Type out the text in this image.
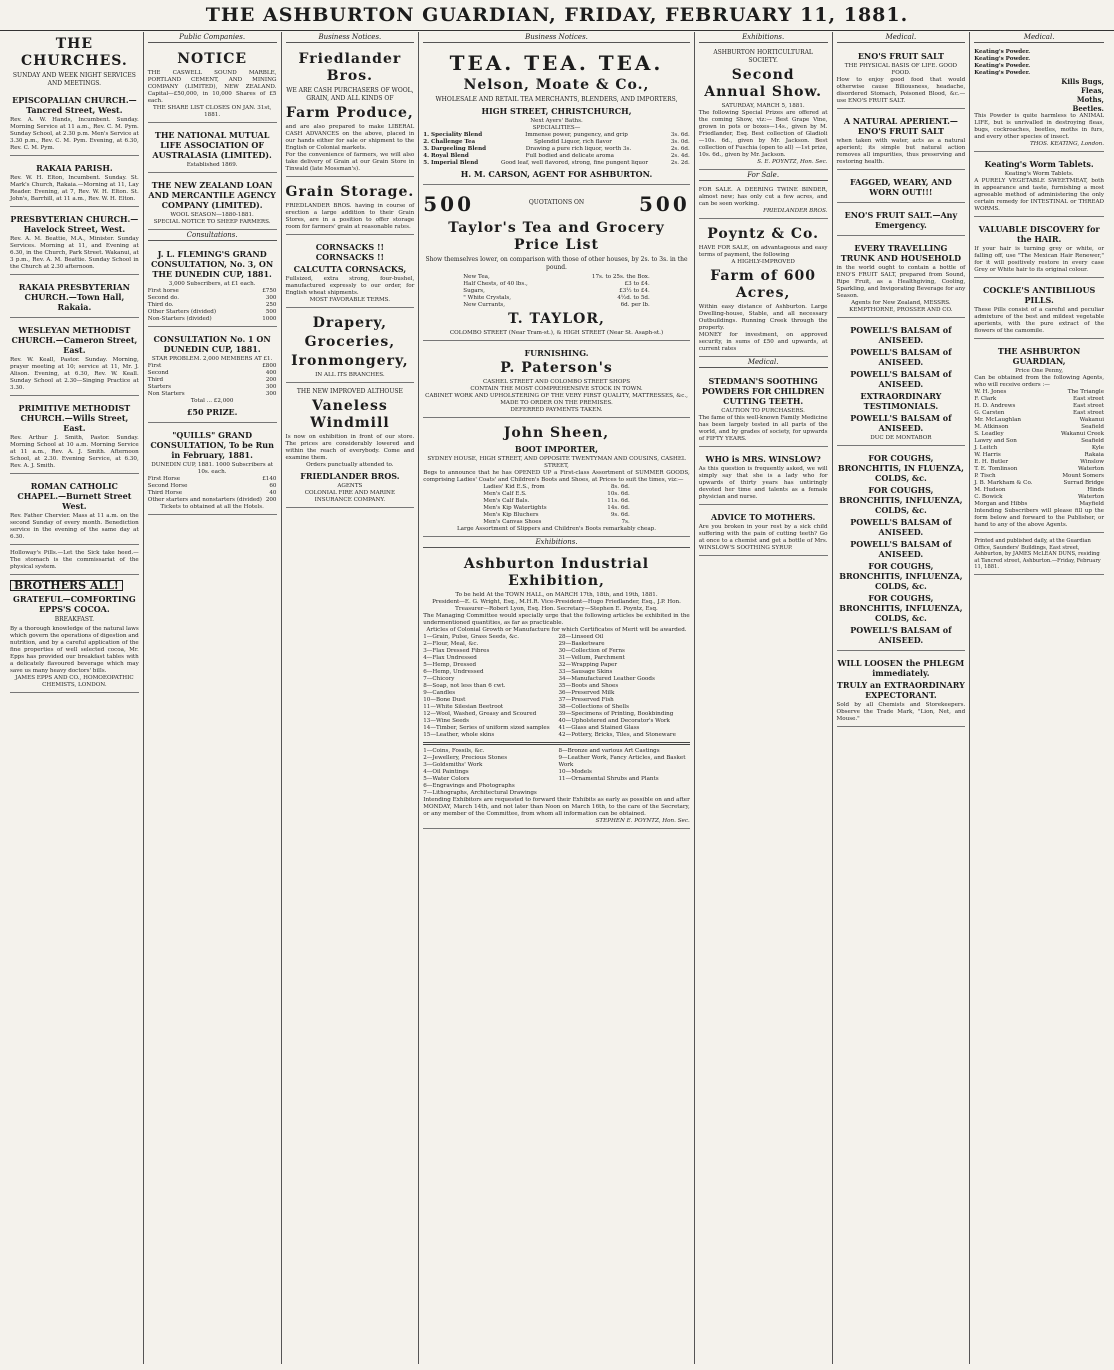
THE ASHBURTON GUARDIAN, FRIDAY, FEBRUARY 11, 1881.
THE CHURCHES.
SUNDAY AND WEEK NIGHT SERVICES AND MEETINGS.
EPISCOPALIAN CHURCH.—Tancred Street, West.
Rev. A. W. Hands, Incumbent. Sunday. Morning Service at 11 a.m., Rev. C. M. Pym. Sunday School, at 2.30 p.m. Men's Service at 3.30 p.m., Rev. C. M. Pym. Evening, at 6.30, Rev. C. M. Pym.
RAKAIA PARISH.
Rev. W. H. Elton, Incumbent. Sunday. St. Mark's Church, Rakaia.—Morning at 11, Lay Reader. Evening, at 7, Rev. W. H. Elton. St. John's, Barrhill, at 11 a.m., Rev. W. H. Elton.
PRESBYTERIAN CHURCH.—Havelock Street, West.
Rev. A. M. Beattie, M.A., Minister. Sunday Services. Morning at 11, and Evening at 6.30, in the Church, Park Street. Wakanui, at 3 p.m., Rev. A. M. Beattie. Sunday School in the Church at 2.30 afternoon.
RAKAIA PRESBYTERIAN CHURCH.—Town Hall, Rakaia.
WESLEYAN METHODIST CHURCH.—Cameron Street, East.
Rev. W. Keall, Pastor. Sunday. Morning, prayer meeting at 10; service at 11, Mr. J. Alison. Evening, at 6.30, Rev. W. Keall. Sunday School at 2.30—Singing Practice at 3.30.
PRIMITIVE METHODIST CHURCH.—Wills Street, East.
Rev. Arthur J. Smith, Pastor. Sunday. Morning School at 10 a.m. Morning Service at 11 a.m., Rev. A. J. Smith. Afternoon School, at 2.30. Evening Service, at 6.30, Rev. A. J. Smith.
ROMAN CATHOLIC CHAPEL.—Burnett Street West.
Rev. Father Chervier. Mass at 11 a.m. on the second Sunday of every month. Benediction service in the evening of the same day at 6.30.
Holloway's Pills.—Let the Sick take heed.—The stomach is the commissariat of the physical system.
BROTHERS ALL!
GRATEFUL—COMFORTING EPPS'S COCOA.
BREAKFAST.
By a thorough knowledge of the natural laws which govern the operations of digestion and nutrition, and by a careful application of the fine properties of well selected cocoa, Mr. Epps has provided our breakfast tables with a delicately flavoured beverage which may save us many heavy doctors' bills.
JAMES EPPS AND CO., HOMOEOPATHIC CHEMISTS, LONDON.
Public Companies.
NOTICE
THE CASWELL SOUND MARBLE, PORTLAND CEMENT, AND MINING COMPANY (LIMITED), NEW ZEALAND. Capital—£50,000, in 10,000 Shares of £5 each.
THE SHARE LIST CLOSES ON JAN. 31st, 1881.
THE NATIONAL MUTUAL LIFE ASSOCIATION OF AUSTRALASIA (LIMITED).
Established 1869.
THE NEW ZEALAND LOAN AND MERCANTILE AGENCY COMPANY (LIMITED).
WOOL SEASON—1880-1881.
SPECIAL NOTICE TO SHEEP FARMERS.
Consultations.
J. L. FLEMING'S GRAND CONSULTATION, No. 3, ON THE DUNEDIN CUP, 1881.
3,000 Subscribers, at £1 each.
First horse	£750
Second do.	300
Third do.	250
Other Starters (divided)	500
Non-Starters (divided)	1000
CONSULTATION No. 1 ON DUNEDIN CUP, 1881.
STAR PROBLEM. 2,000 MEMBERS AT £1.
First	£800
Second	400
Third	200
Starters	300
Non Starters	300
Total ... £2,000
£50 PRIZE.
"QUILLS" GRAND CONSULTATION, To be Run in February, 1881.
DUNEDIN CUP, 1881. 1000 Subscribers at 10s. each.
First Horse	£140
Second Horse	60
Third Horse	40
Other starters and nonstarters (divided) 200
Tickets to obtained at all the Hotels.
Business Notices.
Friedlander Bros.
WE ARE CASH PURCHASERS OF WOOL, GRAIN, AND ALL KINDS OF
Farm Produce,
and are also prepared to make LIBERAL CASH ADVANCES on the above, placed in our hands either for sale or shipment to the English or Colonial markets.
For the convenience of farmers, we will also take delivery of Grain at our Grain Store in Tinwald (late Mossman's).
Grain Storage.
FRIEDLANDER BROS. having in course of erection a large addition to their Grain Stores, are in a position to offer storage room for farmers' grain at reasonable rates.
CORNSACKS !! CORNSACKS !!
CALCUTTA CORNSACKS,
Fullsized, extra strong, four-bushel, manufactured expressly to our order, for English wheat shipments.
MOST FAVORABLE TERMS.
Drapery,
Groceries,
Ironmongery,
IN ALL ITS BRANCHES.
THE NEW IMPROVED ALTHOUSE
Vaneless Windmill
Is now on exhibition in front of our store. The prices are considerably lowered and within the reach of everybody. Come and examine them.
Orders punctually attended to.
FRIEDLANDER BROS.
AGENTS
COLONIAL FIRE AND MARINE
INSURANCE COMPANY.
Business Notices.
TEA. TEA. TEA.
Nelson, Moate & Co.,
WHOLESALE AND RETAIL TEA MERCHANTS, BLENDERS, AND IMPORTERS,
HIGH STREET, CHRISTCHURCH,
Next Ayers' Baths.
SPECIALITIES—
1. Speciality Blend	Immense power, pungency, and grip	3s. 6d.
2. Challenge Tea	Splendid Liquor, rich flavor	3s. 0d.
3. Dargeeling Blend	Drawing a pure rich liquor, worth 3s.	2s. 6d.
4. Royal Blend	Full bodied and delicate aroma	2s. 4d.
5. Imperial Blend	Good leaf, well flavored, strong, fine pungent liquor	2s. 2d.
H. M. CARSON, AGENT FOR ASHBURTON.
500	QUOTATIONS ON	500
Taylor's Tea and Grocery Price List
Show themselves lower, on comparison with those of other houses, by 2s. to 3s. in the pound.
New Tea,	17s. to 25s. the Box.
Half Chests, of 40 lbs.,	£3 to £4.
Sugars,	£3½ to £4.
" White Crystals,	4½d. to 5d.
New Currants,	6d. per lb.
T. TAYLOR,
COLOMBO STREET (Near Tram-st.), & HIGH STREET (Near St. Asaph-st.)
FURNISHING.
P. Paterson's
CASHEL STREET AND COLOMBO STREET SHOPS
CONTAIN THE MOST COMPREHENSIVE STOCK IN TOWN.
CABINET WORK AND UPHOLSTERING OF THE VERY FIRST QUALITY, MATTRESSES, &c., MADE TO ORDER ON THE PREMISES.
DEFERRED PAYMENTS TAKEN.
John Sheen,
BOOT IMPORTER,
SYDNEY HOUSE, HIGH STREET, AND OPPOSITE TWENTYMAN AND COUSINS, CASHEL STREET,
Begs to announce that he has OPENED UP a First-class Assortment of SUMMER GOODS, comprising Ladies' Coats' and Children's Boots and Shoes, at Prices to suit the times, viz:—
Ladies' Kid E.S., from	8s. 6d.
Men's Calf E.S.	10s. 6d.
Men's Calf Bals.	11s. 6d.
Men's Kip Watertights	14s. 6d.
Men's Kip Bluchers	9s. 6d.
Men's Canvas Shoes	7s.
Large Assortment of Slippers and Children's Boots remarkably cheap.
Exhibitions.
Ashburton Industrial Exhibition,
To be held At the TOWN HALL, on MARCH 17th, 18th, and 19th, 1881.
President—E. G. Wright, Esq., M.H.R. Vice-President—Hugo Friedlander, Esq., J.P. Hon. Treasurer—Robert Lyon, Esq. Hon. Secretary—Stephen E. Poyntz, Esq.
The Managing Committee would specially urge that the following articles be exhibited in the undermentioned quantities, as far as practicable.
Articles of Colonial Growth or Manufacture for which Certificates of Merit will be awarded.
1—Grain, Pulse, Grass Seeds, &c.
2—Flour, Meal, &c.
3—Flax Dressed Fibres
4—Flax Undressed
5—Hemp, Dressed
6—Hemp, Undressed
7—Chicory
8—Soap, not less than 6 cwt.
9—Candles
10—Bone Dust
11—White Silesian Beetroot
12—Wool, Washed, Greasy and Scoured
13—Wine Seeds
14—Timber, Series of uniform sized samples
15—Leather, whole skins
28—Linseed Oil
29—Basketware
30—Collection of Ferns
31—Vellum, Parchment
32—Wrapping Paper
33—Sausage Skins
34—Manufactured Leather Goods
35—Boots and Shoes
36—Preserved Milk
37—Preserved Fish
38—Collections of Shells
39—Specimens of Printing, Bookbinding
40—Upholstered and Decorator's Work
41—Glass and Stained Glass
42—Pottery, Bricks, Tiles, and Stoneware
1—Coins, Fossils, &c.
2—Jewellery, Precious Stones
3—Goldsmiths' Work
4—Oil Paintings
5—Water Colors
6—Engravings and Photographs
7—Lithographs, Architectural Drawings
8—Bronze and various Art Castings
9—Leather Work, Fancy Articles, and Basket Work
10—Models
11—Ornamental Shrubs and Plants
Intending Exhibitors are requested to forward their Exhibits as early as possible on and after MONDAY, March 14th, and not later than Noon on March 16th, to the care of the Secretary, or any member of the Committee, from whom all information can be obtained.
STEPHEN E. POYNTZ, Hon. Sec.
Exhibitions.
ASHBURTON HORTICULTURAL SOCIETY.
Second Annual Show.
SATURDAY, MARCH 5, 1881.
The following Special Prizes are offered at the coming Show, viz:— Best Grape Vine, grown in pots or boxes—14s., given by M. Friedlander, Esq. Best collection of Gladioli—10s. 6d., given by Mr. Jackson. Best collection of Fuschia (open to all) —1st prize, 10s. 6d., given by Mr. Jackson.
S. E. POYNTZ, Hon. Sec.
For Sale.
FOR SALE. A DEERING TWINE BINDER, almost new; has only cut a few acres, and can be seen working.
FRIEDLANDER BROS.
Poyntz & Co.
HAVE FOR SALE, on advantageous and easy terms of payment, the following
A HIGHLY-IMPROVED
Farm of 600 Acres,
Within easy distance of Ashburton. Large Dwelling-house, Stable, and all necessary Outbuildings. Running Creek through the property.
MONEY for investment, on approved security, in sums of £50 and upwards, at current rates
Medical.
STEDMAN'S SOOTHING POWDERS FOR CHILDREN CUTTING TEETH.
CAUTION TO PURCHASERS.
The fame of this well-known Family Medicine has been largely tested in all parts of the world, and by grades of society, for upwards of FIFTY YEARS.
WHO is MRS. WINSLOW?
As this question is frequently asked, we will simply say that she is a lady who for upwards of thirty years has untiringly devoted her time and talents as a female physician and nurse.
ADVICE TO MOTHERS.
Are you broken in your rest by a sick child suffering with the pain of cutting teeth? Go at once to a chemist and get a bottle of Mrs. WINSLOW'S SOOTHING SYRUP.
Medical.
ENO'S FRUIT SALT
THE PHYSICAL BASIS OF LIFE. GOOD FOOD.
How to enjoy good food that would otherwise cause Biliousness, headache, disordered Stomach, Poisoned Blood, &c.—use ENO'S FRUIT SALT.
A NATURAL APERIENT.—ENO'S FRUIT SALT
when taken with water, acts as a natural aperient; its simple but natural action removes all impurities, thus preserving and restoring health.
FAGGED, WEARY, AND WORN OUT!!!
ENO'S FRUIT SALT.—Any Emergency.
EVERY TRAVELLING TRUNK AND HOUSEHOLD
in the world ought to contain a bottle of ENO'S FRUIT SALT, prepared from Sound, Ripe Fruit, as a Healthgiving, Cooling, Sparkling, and Invigorating Beverage for any Season.
Agents for New Zealand, MESSRS. KEMPTHORNE, PROSSER AND CO.
POWELL'S BALSAM of ANISEED.
POWELL'S BALSAM of ANISEED.
POWELL'S BALSAM of ANISEED.
EXTRAORDINARY TESTIMONIALS.
POWELL'S BALSAM of ANISEED.
DUC DE MONTABOR
FOR COUGHS, BRONCHITIS, IN FLUENZA, COLDS, &c.
FOR COUGHS, BRONCHITIS, INFLUENZA, COLDS, &c.
POWELL'S BALSAM of ANISEED.
POWELL'S BALSAM of ANISEED.
FOR COUGHS, BRONCHITIS, INFLUENZA, COLDS, &c.
FOR COUGHS, BRONCHITIS, INFLUENZA, COLDS, &c.
POWELL'S BALSAM of ANISEED.
WILL LOOSEN the PHLEGM immediately.
TRULY an EXTRAORDINARY EXPECTORANT.
Sold by all Chemists and Storekeepers. Observe the Trade Mark, "Lion, Net, and Mouse."
Medical.
Keating's Powder.
Keating's Powder.
Keating's Powder.
Keating's Powder.
Kills Bugs,
Fleas,
Moths,
Beetles.
This Powder is quite harmless to ANIMAL LIFE, but is unrivalled in destroying fleas, bugs, cockroaches, beetles, moths in furs, and every other species of insect.
THOS. KEATING, London.
Keating's Worm Tablets.
Keating's Worm Tablets.
A PURELY VEGETABLE SWEETMEAT, both in appearance and taste, furnishing a most agreeable method of administering the only certain remedy for INTESTINAL or THREAD WORMS.
VALUABLE DISCOVERY for the HAIR.
If your hair is turning grey or white, or falling off, use "The Mexican Hair Renewer," for it will positively restore in every case Grey or White hair to its original colour.
COCKLE'S ANTIBILIOUS PILLS.
These Pills consist of a careful and peculiar admixture of the best and mildest vegetable aperients, with the pure extract of the flowers of the camomile.
THE ASHBURTON GUARDIAN,
Price One Penny,
Can be obtained from the following Agents, who will receive orders :—
W. H. Jones	The Triangle
F. Clark	East street
H. D. Andrews	East street
G. Carsten	East street
Mr. McLaughlan	Wakanui
M. Atkinson	Seafield
S. Leadley	Wakanui Creek
Lawry and Son	Seafield
J. Leitch	Kyle
W. Harris	Rakaia
E. H. Butler	Winslow
T. E. Tomlinson	Waterton
P. Tisch	Mount Somers
J. B. Markham & Co.	Surrad Bridge
M. Hudson	Hinds
C. Bowick	Waterton
Morgan and Hibbs	Mayfield
Intending Subscribers will please fill up the form below and forward to the Publisher, or hand to any of the above Agents.
Printed and published daily, at the Guardian Office, Saunders' Buildings, East street, Ashburton, by JAMES McLEAN DUNS, residing at Tancred street, Ashburton.—Friday, February 11, 1881.
